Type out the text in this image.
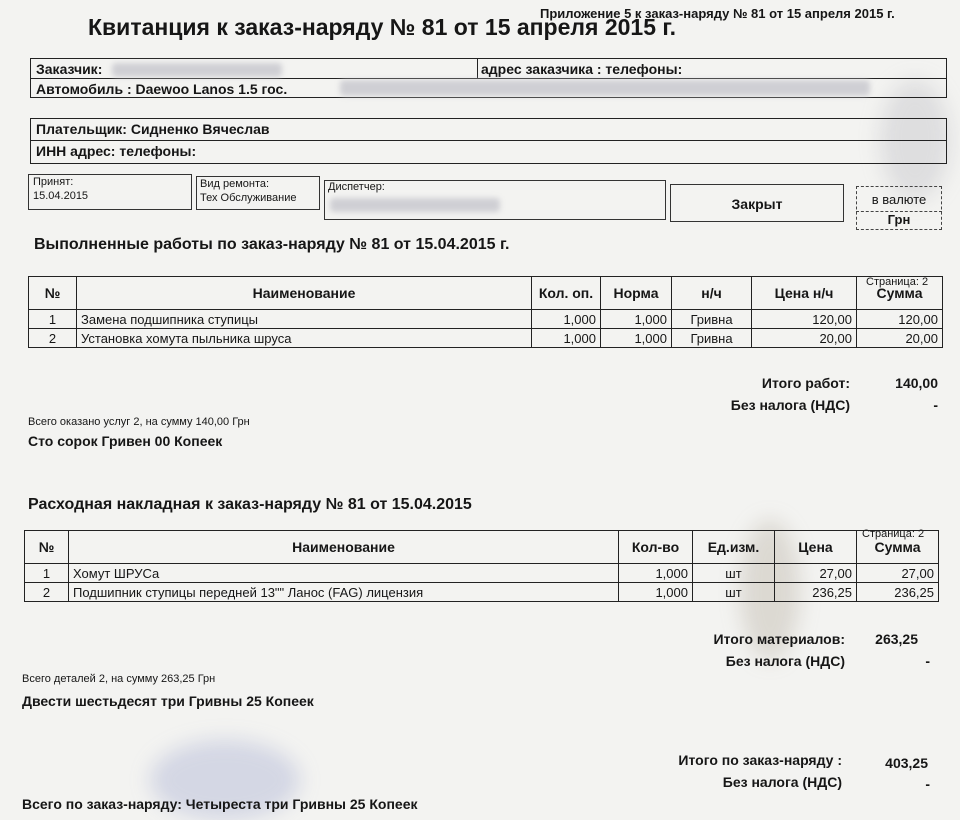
Приложение 5 к заказ-наряду № 81 от 15 апреля 2015 г.
Квитанция к заказ-наряду № 81 от 15 апреля 2015 г.
Заказчик:	адрес заказчика : телефоны:
Автомобиль : Daewoo Lanos 1.5 гос.
Плательщик: Сидненко Вячеслав
ИНН адрес: телефоны:
Принят:
15.04.2015
Вид ремонта:
Тех Обслуживание
Диспетчер:
Закрыт	в валюте
Грн
Выполненные работы по заказ-наряду № 81 от 15.04.2015 г.
Страница: 2
№	Наименование	Кол. оп.	Норма	н/ч	Цена н/ч	Сумма
1	Замена подшипника ступицы	1,000	1,000	Гривна	120,00	120,00
2	Установка хомута пыльника шруса	1,000	1,000	Гривна	20,00	20,00
Итого работ:	140,00
Без налога (НДС)	-
Всего оказано услуг 2, на сумму 140,00 Грн
Сто сорок Гривен 00 Копеек
Расходная накладная к заказ-наряду № 81 от 15.04.2015
Страница: 2
№	Наименование	Кол-во	Ед.изм.	Цена	Сумма
1	Хомут ШРУСа	1,000	шт	27,00	27,00
2	Подшипник ступицы передней 13"" Ланос (FAG) лицензия	1,000	шт	236,25	236,25
Итого материалов:	263,25
Без налога (НДС)	-
Всего деталей 2, на сумму 263,25 Грн
Двести шестьдесят три Гривны 25 Копеек
Итого по заказ-наряду :	403,25
Без налога (НДС)	-
Всего по заказ-наряду: Четыреста три Гривны 25 Копеек
